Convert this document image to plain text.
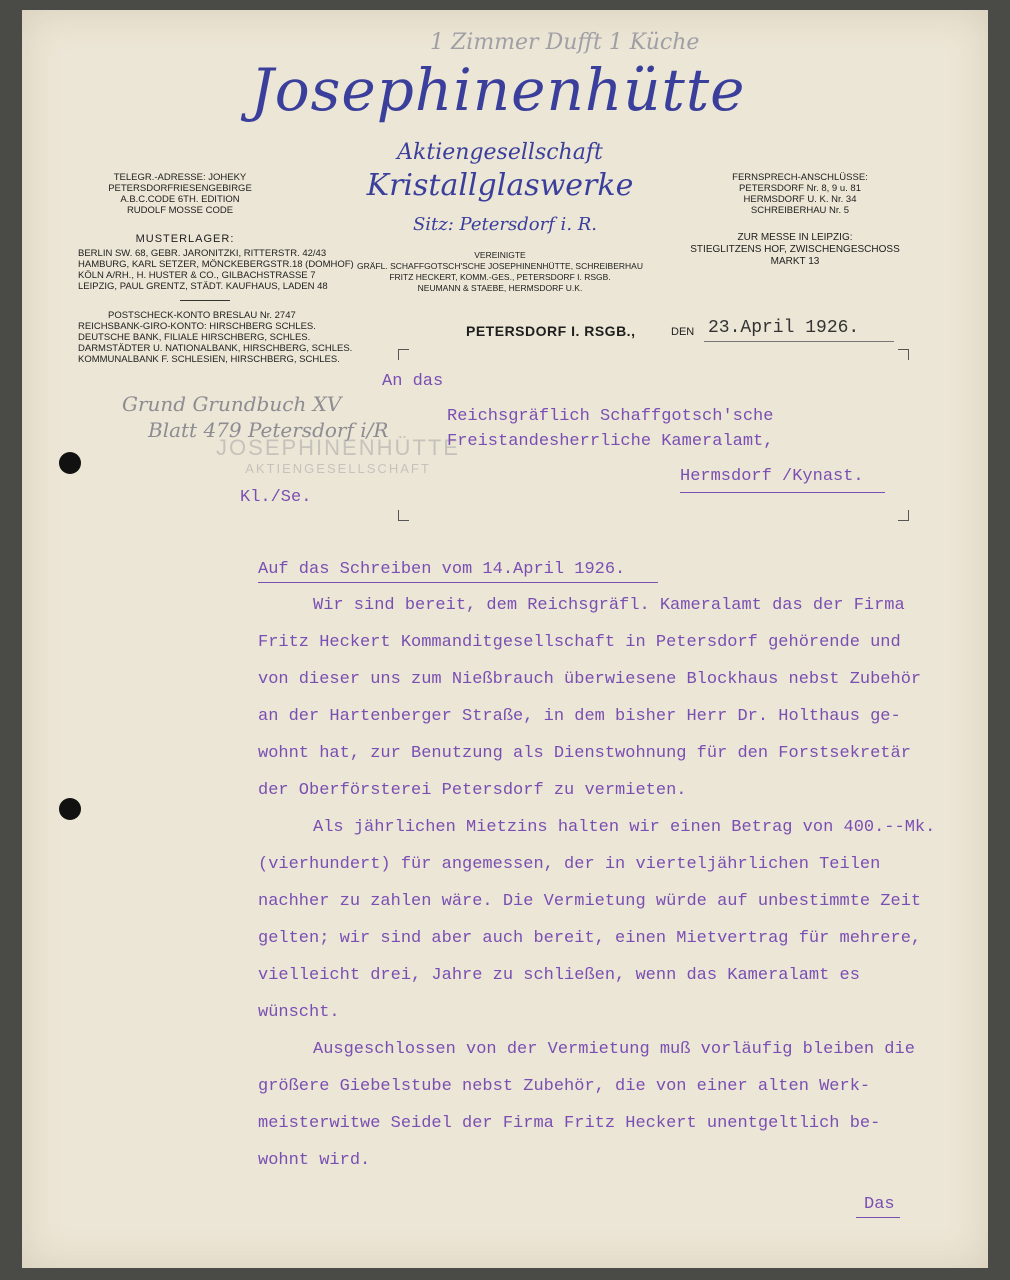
1 Zimmer Dufft 1 Küche
Josephinenhütte
Aktiengesellschaft
Kristallglaswerke
Sitz: Petersdorf i. R.
TELEGR.-ADRESSE: JOHEKY
PETERSDORFRIESENGEBIRGE
A.B.C.CODE 6TH. EDITION
RUDOLF MOSSE CODE
MUSTERLAGER:
BERLIN SW. 68, GEBR. JARONITZKI, RITTERSTR. 42/43
HAMBURG, KARL SETZER, MÖNCKEBERGSTR.18 (DOMHOF)
KÖLN A/RH., H. HUSTER & CO., GILBACHSTRASSE 7
LEIPZIG, PAUL GRENTZ, STÄDT. KAUFHAUS, LADEN 48
POSTSCHECK-KONTO BRESLAU Nr. 2747
REICHSBANK-GIRO-KONTO: HIRSCHBERG SCHLES.
DEUTSCHE BANK, FILIALE HIRSCHBERG, SCHLES.
DARMSTÄDTER U. NATIONALBANK, HIRSCHBERG, SCHLES.
KOMMUNALBANK F. SCHLESIEN, HIRSCHBERG, SCHLES.
FERNSPRECH-ANSCHLÜSSE:
PETERSDORF Nr. 8, 9 u. 81
HERMSDORF U. K. Nr. 34
SCHREIBERHAU Nr. 5
ZUR MESSE IN LEIPZIG:
STIEGLITZENS HOF, ZWISCHENGESCHOSS
MARKT 13
VEREINIGTE
GRÄFL. SCHAFFGOTSCH'SCHE JOSEPHINENHÜTTE, SCHREIBERHAU
FRITZ HECKERT, KOMM.-GES., PETERSDORF I. RSGB.
NEUMANN & STAEBE, HERMSDORF U.K.
PETERSDORF I. RSGB.,	DEN 23.April 1926.
Grund Grundbuch XV
Blatt 479 Petersdorf i/R
JOSEPHINENHÜTTE
AKTIENGESELLSCHAFT
An das
Reichsgräflich Schaffgotsch'sche
Freistandesherrliche Kameralamt,
Hermsdorf /Kynast.
Kl./Se.
Auf das Schreiben vom 14.April 1926.
Wir sind bereit, dem Reichsgräfl. Kameralamt das der Firma
Fritz Heckert Kommanditgesellschaft in Petersdorf gehörende und
von dieser uns zum Nießbrauch überwiesene Blockhaus nebst Zubehör
an der Hartenberger Straße, in dem bisher Herr Dr. Holthaus ge-
wohnt hat, zur Benutzung als Dienstwohnung für den Forstsekretär
der Oberförsterei Petersdorf zu vermieten.
Als jährlichen Mietzins halten wir einen Betrag von 400.--Mk.
(vierhundert) für angemessen, der in vierteljährlichen Teilen
nachher zu zahlen wäre. Die Vermietung würde auf unbestimmte Zeit
gelten; wir sind aber auch bereit, einen Mietvertrag für mehrere,
vielleicht drei, Jahre zu schließen, wenn das Kameralamt es
wünscht.
Ausgeschlossen von der Vermietung muß vorläufig bleiben die
größere Giebelstube nebst Zubehör, die von einer alten Werk-
meisterwitwe Seidel der Firma Fritz Heckert unentgeltlich be-
wohnt wird.
Das
